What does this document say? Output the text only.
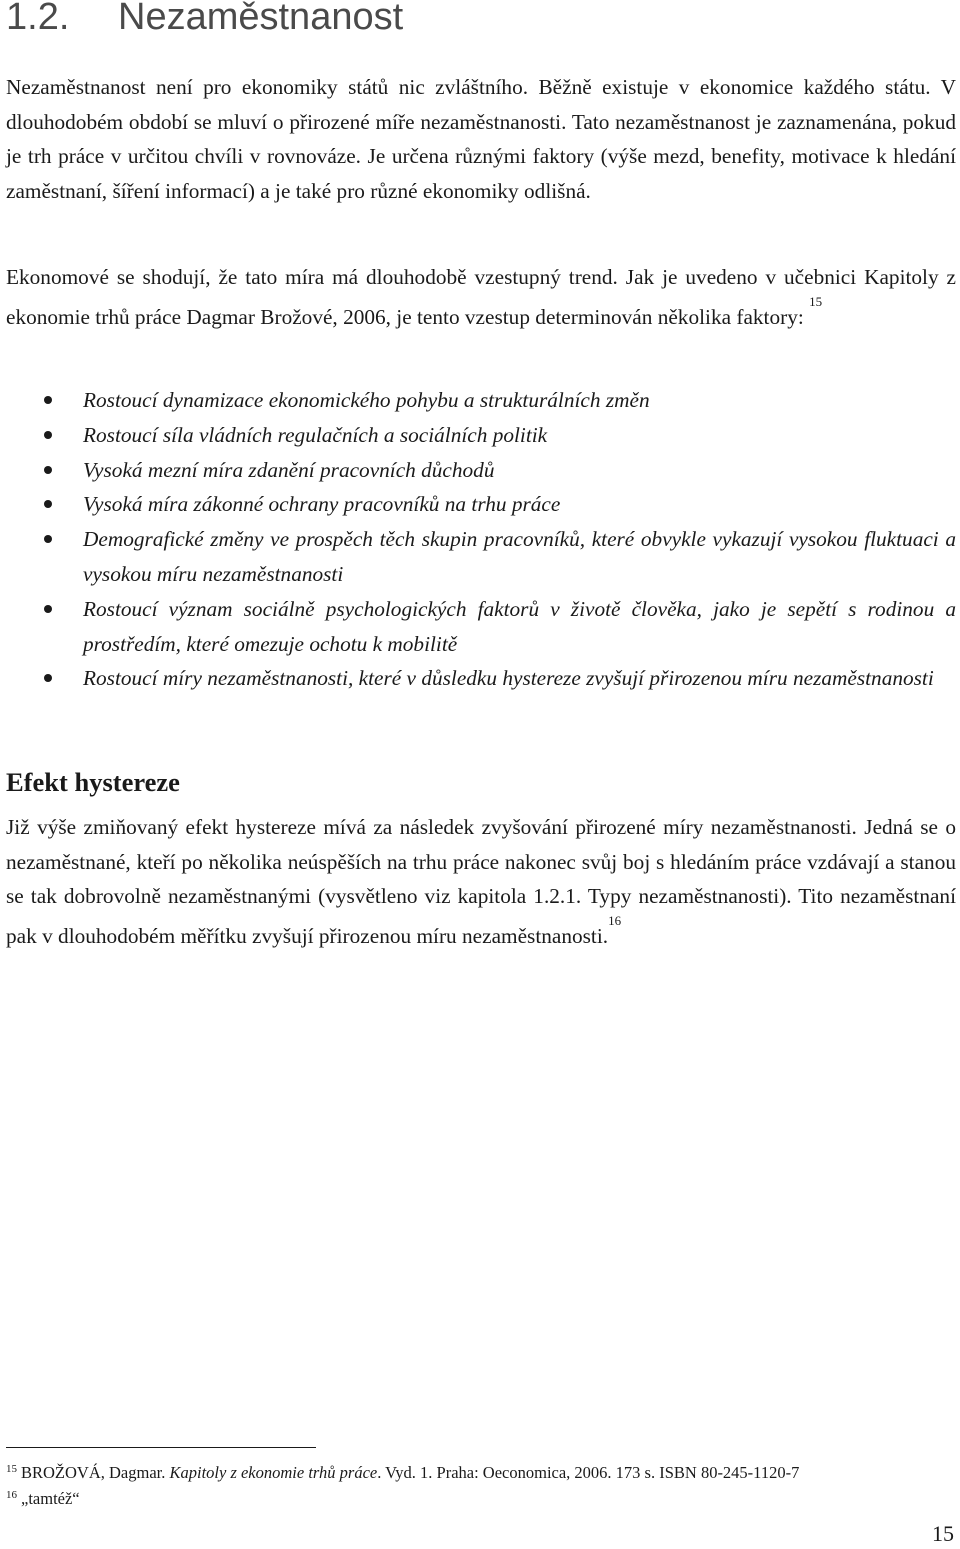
1.2. Nezaměstnanost

Nezaměstnanost není pro ekonomiky států nic zvláštního. Běžně existuje v ekonomice každého státu. V dlouhodobém období se mluví o přirozené míře nezaměstnanosti. Tato nezaměstnanost je zaznamenána, pokud je trh práce v určitou chvíli v rovnováze. Je určena různými faktory (výše mezd, benefity, motivace k hledání zaměstnaní, šíření informací) a je také pro různé ekonomiky odlišná.

Ekonomové se shodují, že tato míra má dlouhodobě vzestupný trend. Jak je uvedeno v učebnici Kapitoly z ekonomie trhů práce Dagmar Brožové, 2006, je tento vzestup determinován několika faktory: $^{15}$

Rostoucí dynamizace ekonomického pohybu a strukturálních změn
Rostoucí síla vládních regulačních a sociálních politik
Vysoká mezní míra zdanění pracovních důchodů
Vysoká míra zákonné ochrany pracovníků na trhu práce
Demografické změny ve prospěch těch skupin pracovníků, které obvykle vykazují vysokou fluktuaci a vysokou míru nezaměstnanosti
Rostoucí význam sociálně psychologických faktorů v životě člověka, jako je sepětí s rodinou a prostředím, které omezuje ochotu k mobilitě
Rostoucí míry nezaměstnanosti, které v důsledku hystereze zvyšují přirozenou míru nezaměstnanosti
Efekt hystereze

Již výše zmiňovaný efekt hystereze mívá za následek zvyšování přirozené míry nezaměstnanosti. Jedná se o nezaměstnané, kteří po několika neúspěších na trhu práce nakonec svůj boj s hledáním práce vzdávají a stanou se tak dobrovolně nezaměstnanými (vysvětleno viz kapitola 1.2.1. Typy nezaměstnanosti). Tito nezaměstnaní pak v dlouhodobém měřítku zvyšují přirozenou míru nezaměstnanosti.$^{16}$

$^{15}$ BROŽOVÁ, Dagmar. Kapitoly z ekonomie trhů práce. Vyd. 1. Praha: Oeconomica, 2006. 173 s. ISBN 80-245-1120-7
$^{16}$ „tamtéž“
15
